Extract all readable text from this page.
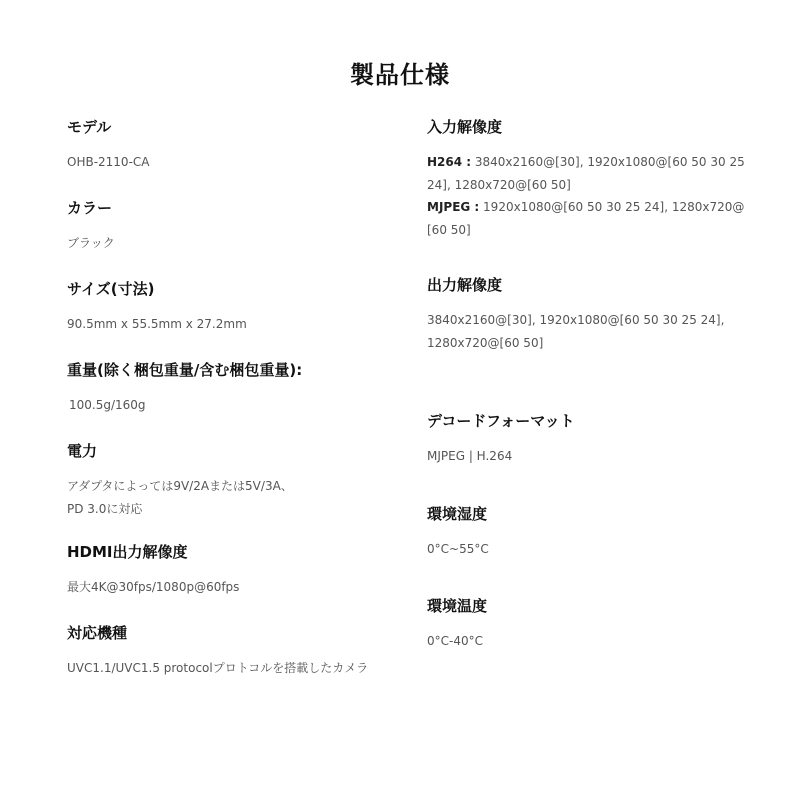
製品仕様
モデル
OHB-2110-CA
カラー
ブラック
サイズ(寸法)
90.5mm x 55.5mm x 27.2mm
重量(除く梱包重量/含む梱包重量):
100.5g/160g
電力
アダプタによっては9V/2Aまたは5V/3A、
PD 3.0に対応
HDMI出力解像度
最大4K@30fps/1080p@60fps
対応機種
UVC1.1/UVC1.5 protocolプロトコルを搭載したカメラ
入力解像度
H264 : 3840x2160@[30], 1920x1080@[60 50 30 25
24], 1280x720@[60 50]
MJPEG : 1920x1080@[60 50 30 25 24], 1280x720@
[60 50]
出力解像度
3840x2160@[30], 1920x1080@[60 50 30 25 24],
1280x720@[60 50]
デコードフォーマット
MJPEG | H.264
環境湿度
0°C~55°C
環境温度
0°C-40°C
